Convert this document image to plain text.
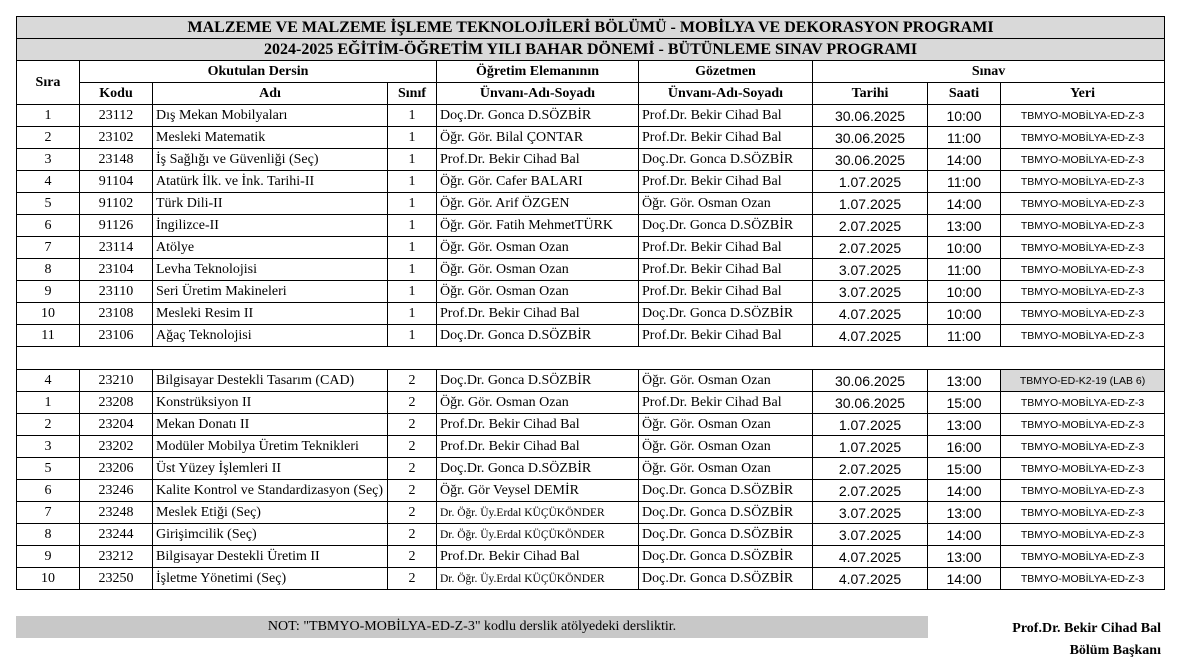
MALZEME VE MALZEME İŞLEME TEKNOLOJİLERİ BÖLÜMÜ - MOBİLYA VE DEKORASYON PROGRAMI								
2024-2025 EĞİTİM-ÖĞRETİM YILI BAHAR DÖNEMİ - BÜTÜNLEME SINAV PROGRAMI								
Sıra	Okutulan Dersin			Öğretim Elemanının	Gözetmen	Sınav		
	Kodu	Adı	Sınıf	Ünvanı-Adı-Soyadı	Ünvanı-Adı-Soyadı	Tarihi	Saati	Yeri
1	23112	Dış Mekan Mobilyaları	1	Doç.Dr. Gonca D.SÖZBİR	Prof.Dr. Bekir Cihad Bal	30.06.2025	10:00	TBMYO-MOBİLYA-ED-Z-3
2	23102	Mesleki Matematik	1	Öğr. Gör. Bilal ÇONTAR	Prof.Dr. Bekir Cihad Bal	30.06.2025	11:00	TBMYO-MOBİLYA-ED-Z-3
3	23148	İş Sağlığı ve Güvenliği (Seç)	1	Prof.Dr. Bekir Cihad Bal	Doç.Dr. Gonca D.SÖZBİR	30.06.2025	14:00	TBMYO-MOBİLYA-ED-Z-3
4	91104	Atatürk İlk. ve İnk. Tarihi-II	1	Öğr. Gör. Cafer BALARI	Prof.Dr. Bekir Cihad Bal	1.07.2025	11:00	TBMYO-MOBİLYA-ED-Z-3
5	91102	Türk Dili-II	1	Öğr. Gör. Arif ÖZGEN	Öğr. Gör. Osman Ozan	1.07.2025	14:00	TBMYO-MOBİLYA-ED-Z-3
6	91126	İngilizce-II	1	Öğr. Gör. Fatih MehmetTÜRK	Doç.Dr. Gonca D.SÖZBİR	2.07.2025	13:00	TBMYO-MOBİLYA-ED-Z-3
7	23114	Atölye	1	Öğr. Gör. Osman Ozan	Prof.Dr. Bekir Cihad Bal	2.07.2025	10:00	TBMYO-MOBİLYA-ED-Z-3
8	23104	Levha Teknolojisi	1	Öğr. Gör. Osman Ozan	Prof.Dr. Bekir Cihad Bal	3.07.2025	11:00	TBMYO-MOBİLYA-ED-Z-3
9	23110	Seri Üretim Makineleri	1	Öğr. Gör. Osman Ozan	Prof.Dr. Bekir Cihad Bal	3.07.2025	10:00	TBMYO-MOBİLYA-ED-Z-3
10	23108	Mesleki Resim II	1	Prof.Dr. Bekir Cihad Bal	Doç.Dr. Gonca D.SÖZBİR	4.07.2025	10:00	TBMYO-MOBİLYA-ED-Z-3
11	23106	Ağaç Teknolojisi	1	Doç.Dr. Gonca D.SÖZBİR	Prof.Dr. Bekir Cihad Bal	4.07.2025	11:00	TBMYO-MOBİLYA-ED-Z-3

4	23210	Bilgisayar Destekli Tasarım (CAD)	2	Doç.Dr. Gonca D.SÖZBİR	Öğr. Gör. Osman Ozan	30.06.2025	13:00	TBMYO-ED-K2-19 (LAB 6)
1	23208	Konstrüksiyon II	2	Öğr. Gör. Osman Ozan	Prof.Dr. Bekir Cihad Bal	30.06.2025	15:00	TBMYO-MOBİLYA-ED-Z-3
2	23204	Mekan Donatı II	2	Prof.Dr. Bekir Cihad Bal	Öğr. Gör. Osman Ozan	1.07.2025	13:00	TBMYO-MOBİLYA-ED-Z-3
3	23202	Modüler Mobilya Üretim Teknikleri	2	Prof.Dr. Bekir Cihad Bal	Öğr. Gör. Osman Ozan	1.07.2025	16:00	TBMYO-MOBİLYA-ED-Z-3
5	23206	Üst Yüzey İşlemleri II	2	Doç.Dr. Gonca D.SÖZBİR	Öğr. Gör. Osman Ozan	2.07.2025	15:00	TBMYO-MOBİLYA-ED-Z-3
6	23246	Kalite Kontrol ve Standardizasyon (Seç)	2	Öğr. Gör Veysel DEMİR	Doç.Dr. Gonca D.SÖZBİR	2.07.2025	14:00	TBMYO-MOBİLYA-ED-Z-3
7	23248	Meslek Etiği (Seç)	2	Dr. Öğr. Üy.Erdal KÜÇÜKÖNDER	Doç.Dr. Gonca D.SÖZBİR	3.07.2025	13:00	TBMYO-MOBİLYA-ED-Z-3
8	23244	Girişimcilik (Seç)	2	Dr. Öğr. Üy.Erdal KÜÇÜKÖNDER	Doç.Dr. Gonca D.SÖZBİR	3.07.2025	14:00	TBMYO-MOBİLYA-ED-Z-3
9	23212	Bilgisayar Destekli Üretim II	2	Prof.Dr. Bekir Cihad Bal	Doç.Dr. Gonca D.SÖZBİR	4.07.2025	13:00	TBMYO-MOBİLYA-ED-Z-3
10	23250	İşletme Yönetimi (Seç)	2	Dr. Öğr. Üy.Erdal KÜÇÜKÖNDER	Doç.Dr. Gonca D.SÖZBİR	4.07.2025	14:00	TBMYO-MOBİLYA-ED-Z-3
NOT: "TBMYO-MOBİLYA-ED-Z-3" kodlu derslik atölyedeki dersliktir.	Prof.Dr. Bekir Cihad Bal
Bölüm Başkanı
